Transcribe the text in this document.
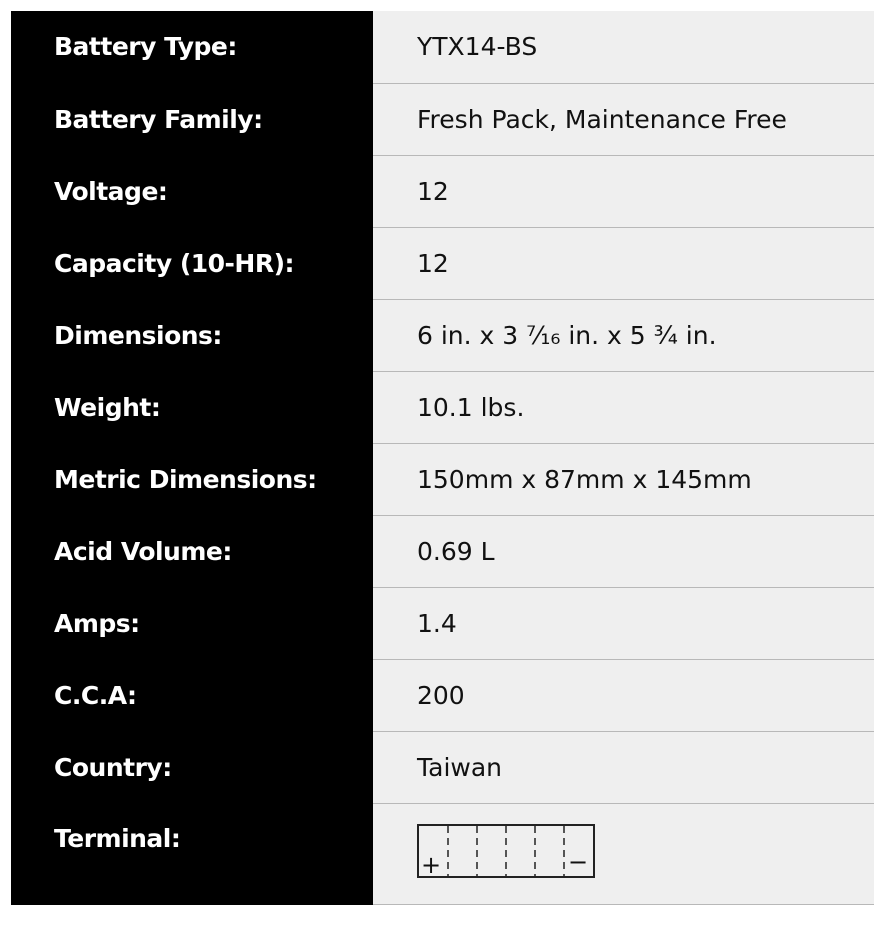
Battery Type:	YTX14-BS
Battery Family:	Fresh Pack, Maintenance Free
Voltage:	12
Capacity (10-HR):	12
Dimensions:	6 in. x 3 ⁷⁄₁₆ in. x 5 ¾ in.
Weight:	10.1 lbs.
Metric Dimensions:	150mm x 87mm x 145mm
Acid Volume:	0.69 L
Amps:	1.4
C.C.A:	200
Country:	Taiwan
Terminal:	+ −
